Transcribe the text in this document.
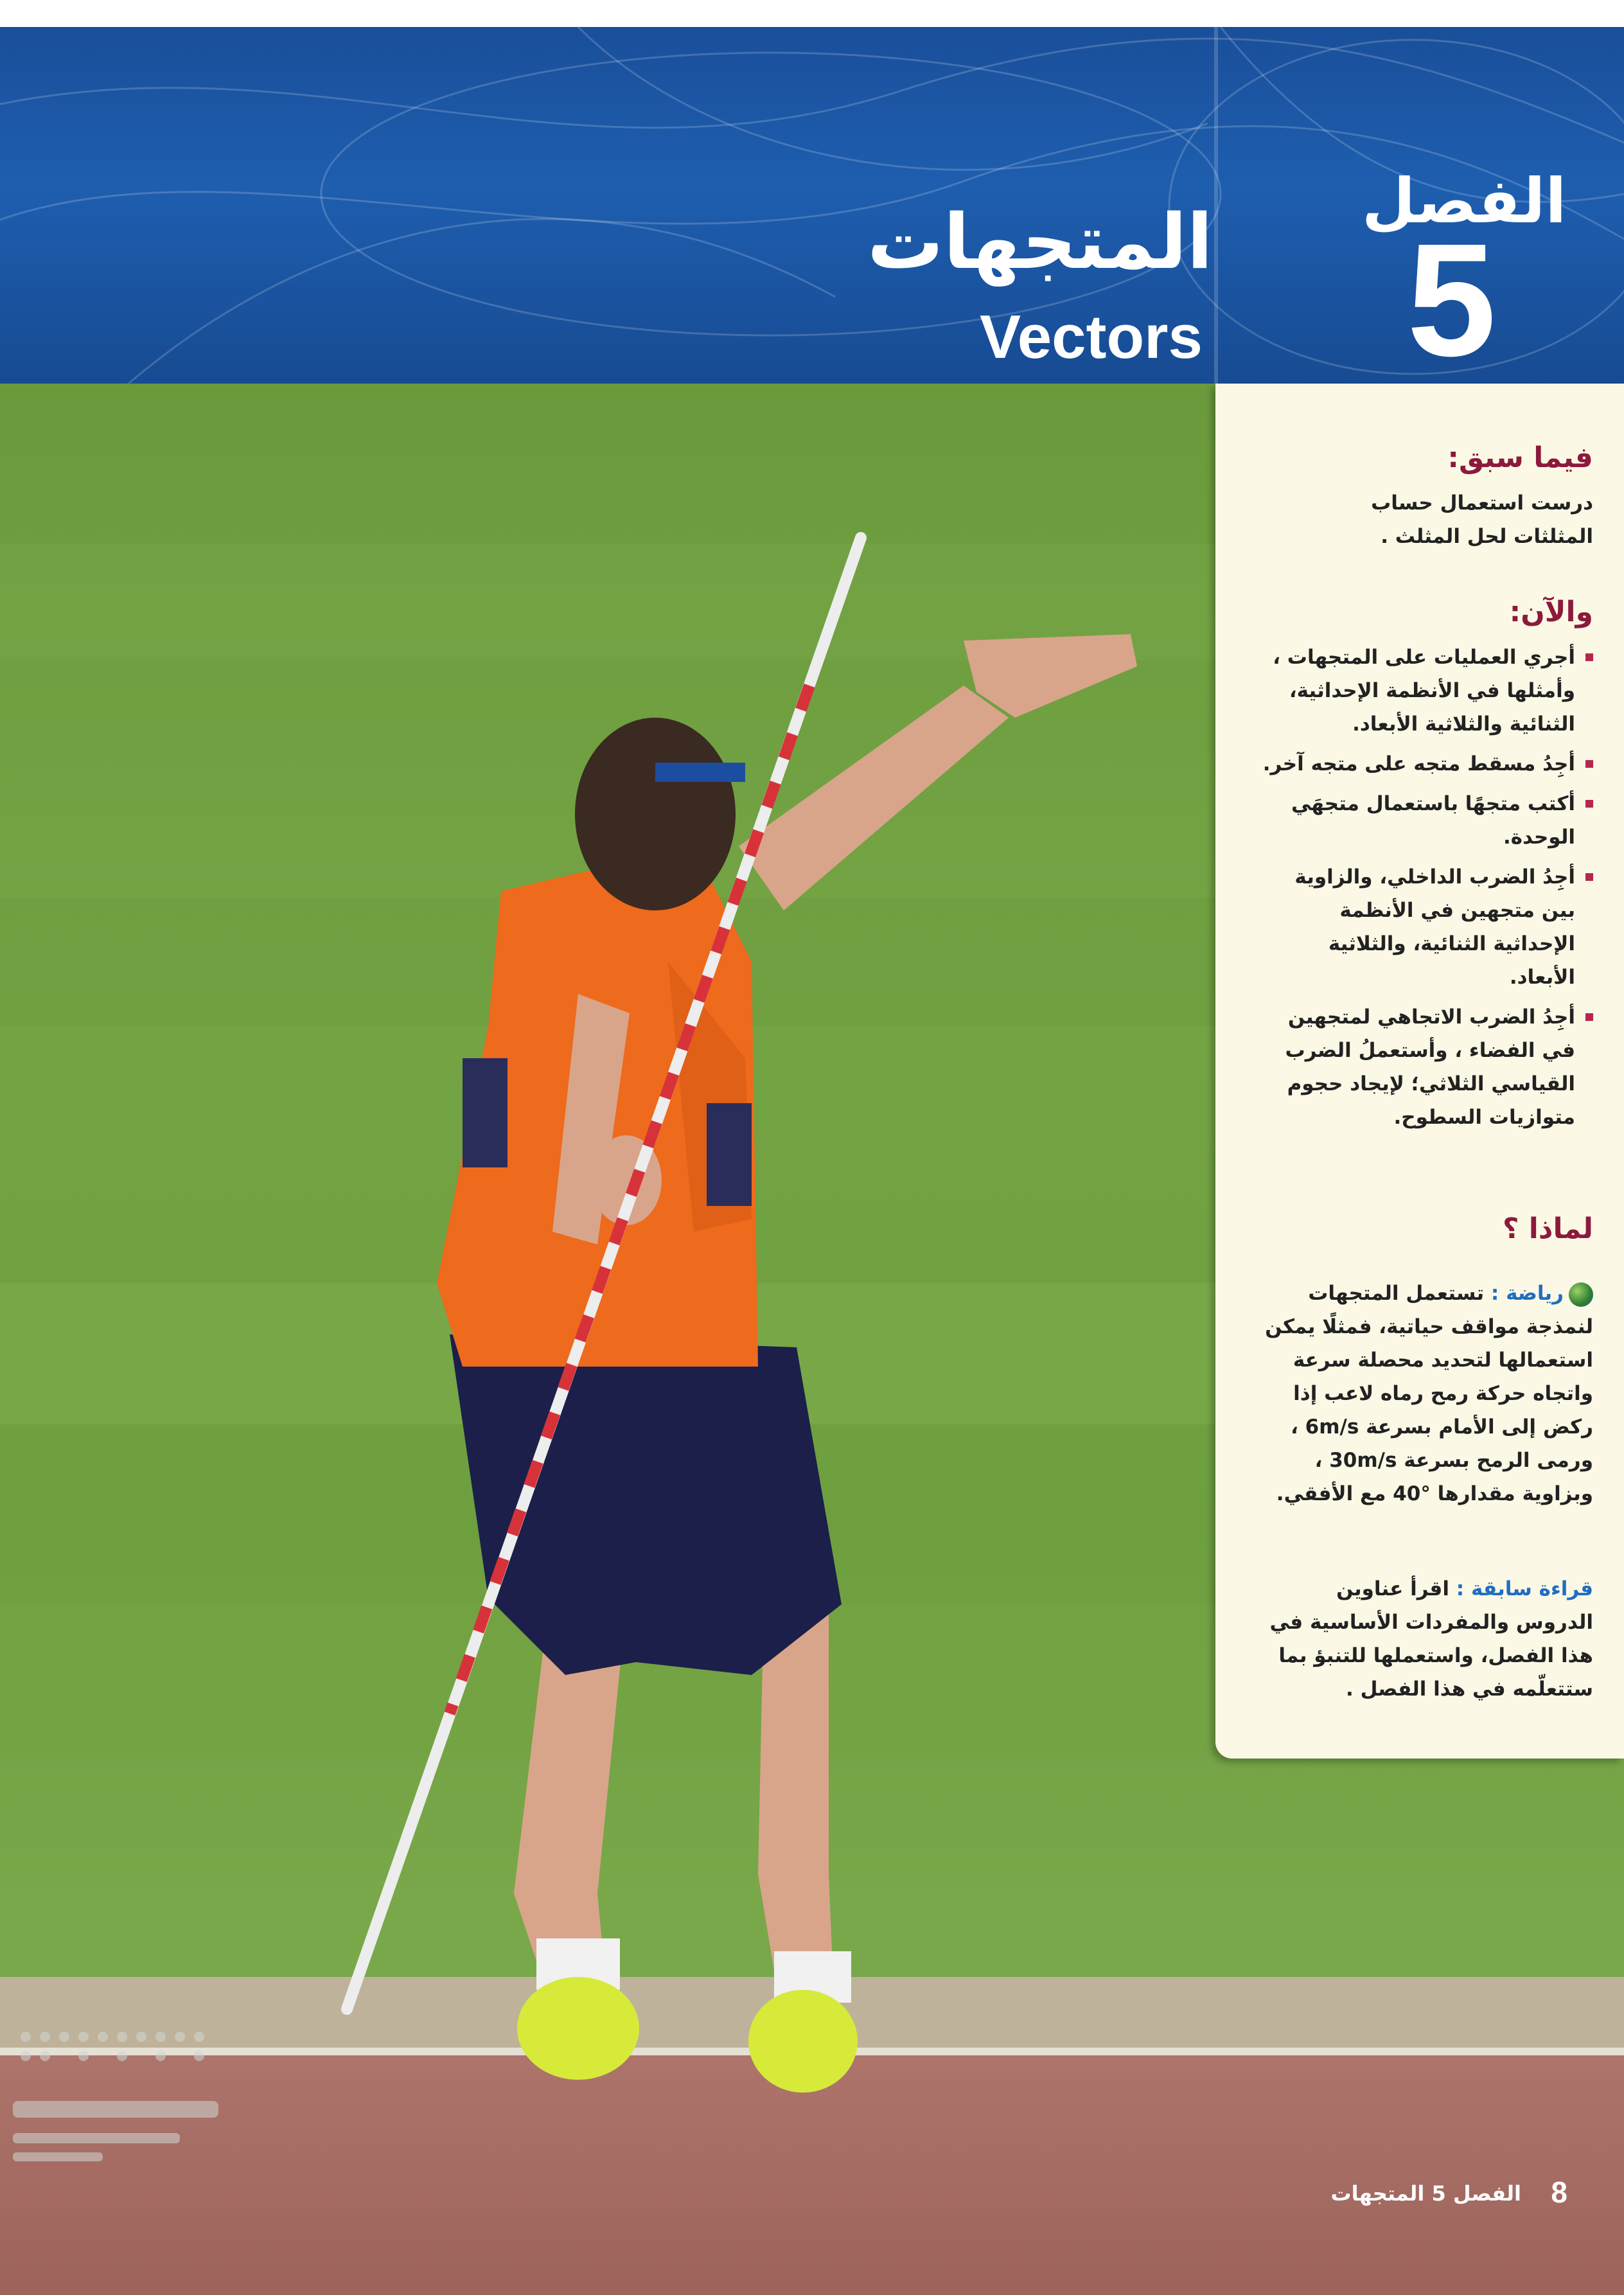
الفصل
5
المتجهات
Vectors
فيما سبق:
درست استعمال حساب المثلثات لحل المثلث .
والآن:
أجري العمليات على المتجهات ، وأمثلها في الأنظمة الإحداثية، الثنائية والثلاثية الأبعاد.
أجِدُ مسقط متجه على متجه آخر.
أكتب متجهًا باستعمال متجهَي الوحدة.
أجِدُ الضرب الداخلي، والزاوية بين متجهين في الأنظمة الإحداثية الثنائية، والثلاثية الأبعاد.
أجِدُ الضرب الاتجاهي لمتجهين في الفضاء ، وأستعملُ الضرب القياسي الثلاثي؛ لإيجاد حجوم متوازيات السطوح.
لماذا ؟
رياضة : تستعمل المتجهات لنمذجة مواقف حياتية، فمثلًا يمكن استعمالها لتحديد محصلة سرعة واتجاه حركة رمح رماه لاعب إذا ركض إلى الأمام بسرعة 6m/s ، ورمى الرمح بسرعة 30m/s ، وبزاوية مقدارها °40 مع الأفقي.
قراءة سابقة : اقرأ عناوين الدروس والمفردات الأساسية في هذا الفصل، واستعملها للتنبؤ بما ستتعلّمه في هذا الفصل .
8
الفصل 5 المتجهات
